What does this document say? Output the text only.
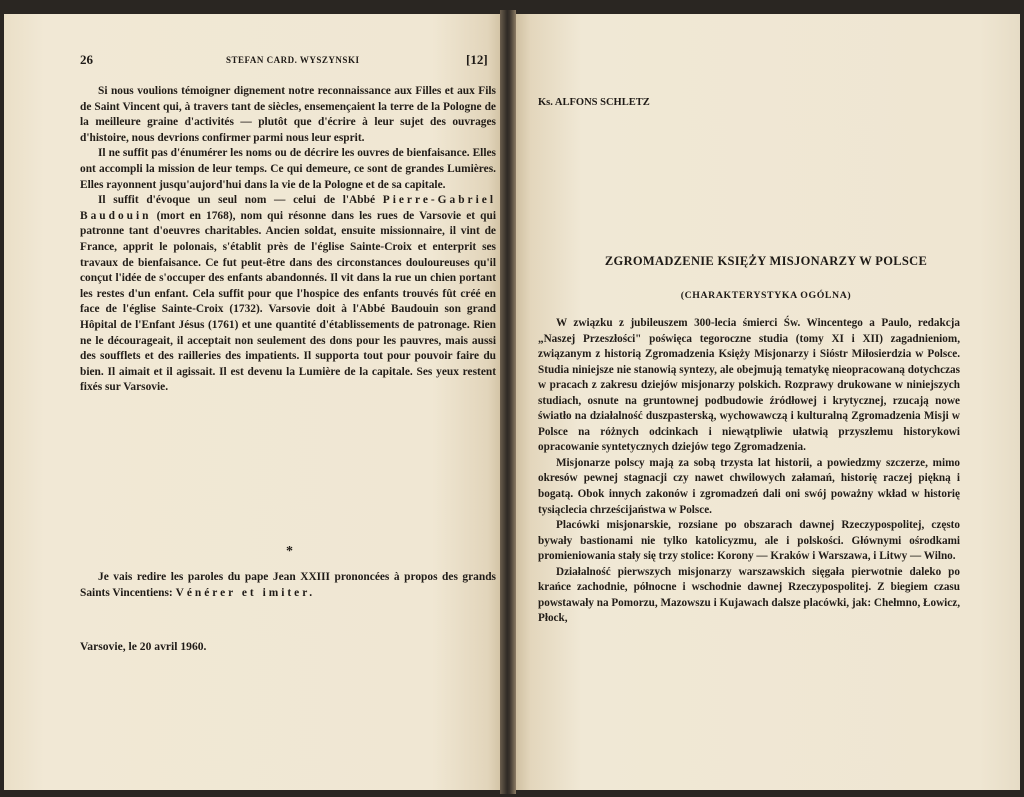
26	STEFAN CARD. WYSZYNSKI	[12]

Si nous voulions témoigner dignement notre reconnaissance aux Filles et aux Fils de Saint Vincent qui, à travers tant de siècles, ensemençaient la terre de la Pologne de la meilleure graine d'activités — plutôt que d'écrire à leur sujet des ouvrages d'histoire, nous devrions confirmer parmi nous leur esprit.

Il ne suffit pas d'énumérer les noms ou de décrire les ouvres de bienfaisance. Elles ont accompli la mission de leur temps. Ce qui demeure, ce sont de grandes Lumières. Elles rayonnent jusqu'aujord'hui dans la vie de la Pologne et de sa capitale.

Il suffit d'évoque un seul nom — celui de l'Abbé Pierre-Gabriel Baudouin (mort en 1768), nom qui résonne dans les rues de Varsovie et qui patronne tant d'oeuvres charitables. Ancien soldat, ensuite missionnaire, il vint de France, apprit le polonais, s'établit près de l'église Sainte-Croix et enterprit ses travaux de bienfaisance. Ce fut peut-être dans des circonstances douloureuses qu'il conçut l'idée de s'occuper des enfants abandonnés. Il vit dans la rue un chien portant les restes d'un enfant. Cela suffit pour que l'hospice des enfants trouvés fût créé en face de l'église Sainte-Croix (1732). Varsovie doit à l'Abbé Baudouin son grand Hôpital de l'Enfant Jésus (1761) et une quantité d'établissements de patronage. Rien ne le décourageait, il acceptait non seulement des dons pour les pauvres, mais aussi des soufflets et des railleries des impatients. Il supporta tout pour pouvoir faire du bien. Il aimait et il agissait. Il est devenu la Lumière de la capitale. Ses yeux restent fixés sur Varsovie.

*

Je vais redire les paroles du pape Jean XXIII prononcées à propos des grands Saints Vincentiens: Vénérer et imiter.

Varsovie, le 20 avril 1960.
Ks. ALFONS SCHLETZ
ZGROMADZENIE KSIĘŻY MISJONARZY W POLSCE
(CHARAKTERYSTYKA OGÓLNA)

W związku z jubileuszem 300-lecia śmierci Św. Wincentego a Paulo, redakcja „Naszej Przeszłości" poświęca tegoroczne studia (tomy XI i XII) zagadnieniom, związanym z historią Zgromadzenia Księży Misjonarzy i Sióstr Miłosierdzia w Polsce. Studia niniejsze nie stanowią syntezy, ale obejmują tematykę nieopracowaną dotychczas w pracach z zakresu dziejów misjonarzy polskich. Rozprawy drukowane w niniejszych studiach, osnute na gruntownej podbudowie źródłowej i krytycznej, rzucają nowe światło na działalność duszpasterską, wychowawczą i kulturalną Zgromadzenia Misji w Polsce na różnych odcinkach i niewątpliwie ułatwią przyszłemu historykowi opracowanie syntetycznych dziejów tego Zgromadzenia.

Misjonarze polscy mają za sobą trzysta lat historii, a powiedzmy szczerze, mimo okresów pewnej stagnacji czy nawet chwilowych załamań, historię raczej piękną i bogatą. Obok innych zakonów i zgromadzeń dali oni swój poważny wkład w historię tysiąclecia chrześcijaństwa w Polsce.

Placówki misjonarskie, rozsiane po obszarach dawnej Rzeczypospolitej, często bywały bastionami nie tylko katolicyzmu, ale i polskości. Głównymi ośrodkami promieniowania stały się trzy stolice: Korony — Kraków i Warszawa, i Litwy — Wilno.

Działalność pierwszych misjonarzy warszawskich sięgała pierwotnie daleko po krańce zachodnie, północne i wschodnie dawnej Rzeczypospolitej. Z biegiem czasu powstawały na Pomorzu, Mazowszu i Kujawach dalsze placówki, jak: Chełmno, Łowicz, Płock,
